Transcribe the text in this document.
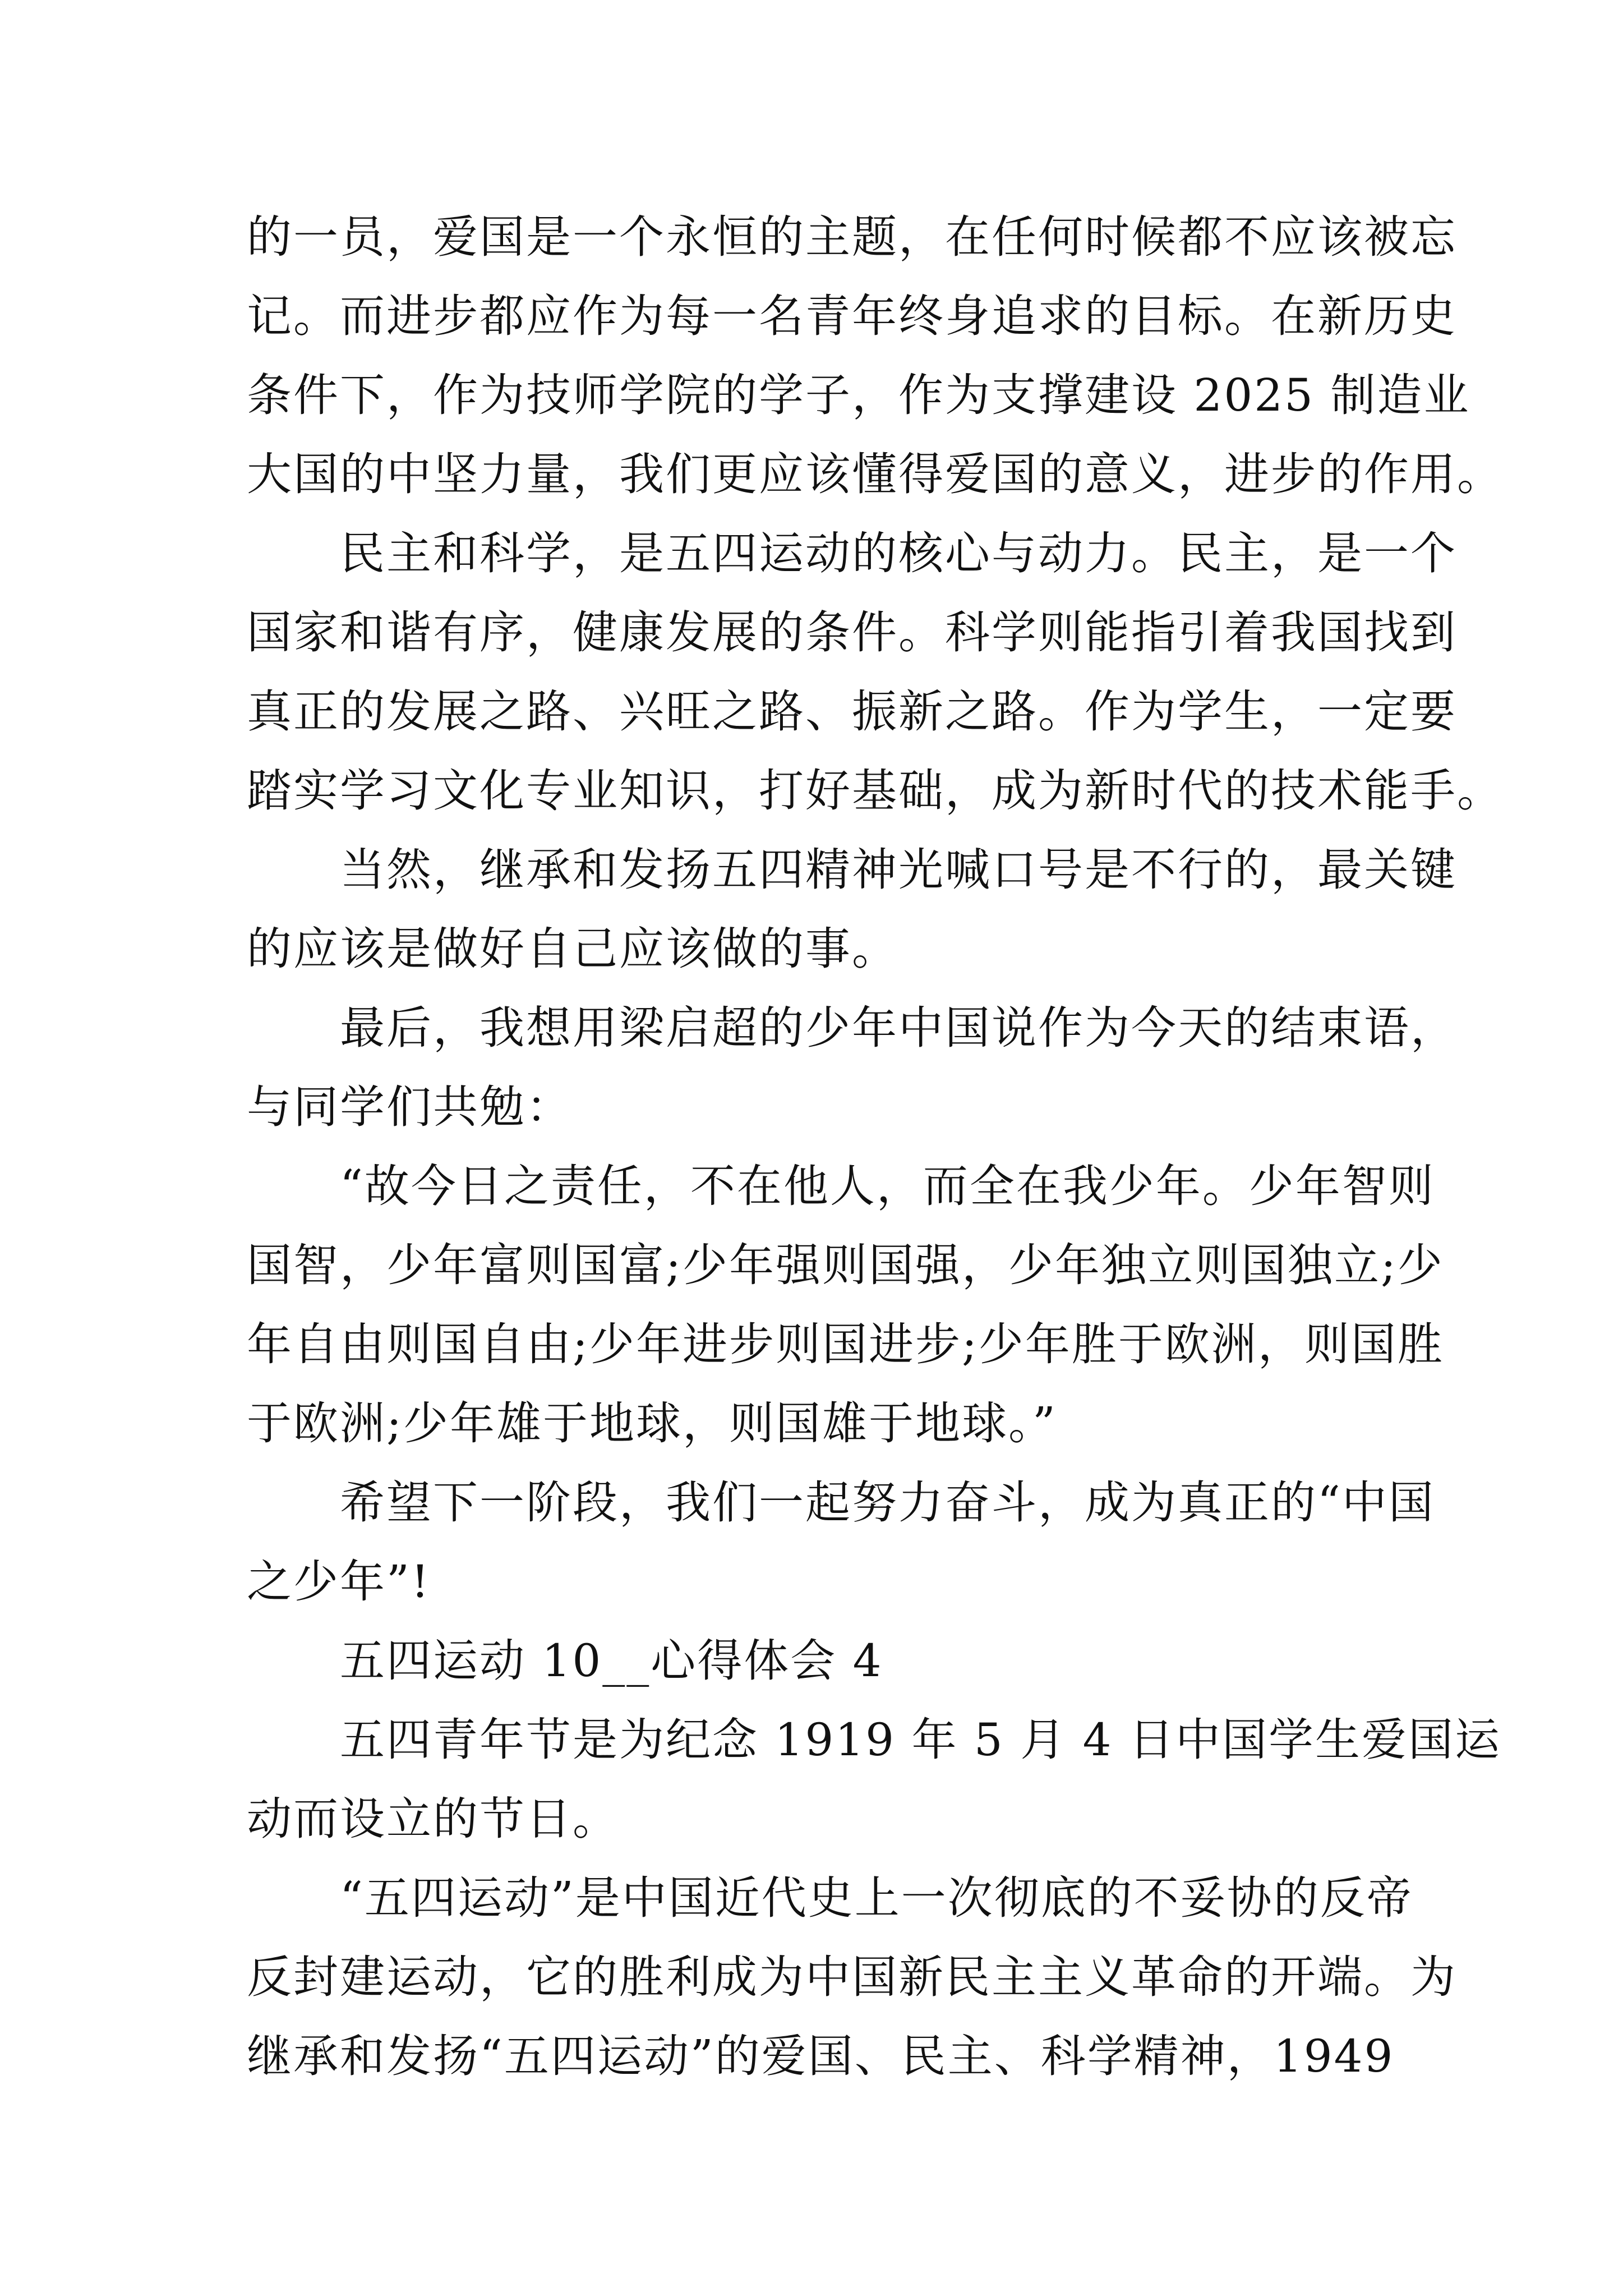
的一员，爱国是一个永恒的主题，在任何时候都不应该被忘
记。而进步都应作为每一名青年终身追求的目标。在新历史
条件下，作为技师学院的学子，作为支撑建设 2025 制造业
大国的中坚力量，我们更应该懂得爱国的意义，进步的作用。
民主和科学，是五四运动的核心与动力。民主，是一个
国家和谐有序，健康发展的条件。科学则能指引着我国找到
真正的发展之路、兴旺之路、振新之路。作为学生，一定要
踏实学习文化专业知识，打好基础，成为新时代的技术能手。
当然，继承和发扬五四精神光喊口号是不行的，最关键
的应该是做好自己应该做的事。
最后，我想用梁启超的少年中国说作为今天的结束语，
与同学们共勉：
“故今日之责任，不在他人，而全在我少年。少年智则
国智，少年富则国富;少年强则国强，少年独立则国独立;少
年自由则国自由;少年进步则国进步;少年胜于欧洲，则国胜
于欧洲;少年雄于地球，则国雄于地球。”
希望下一阶段，我们一起努力奋斗，成为真正的“中国
之少年”!
五四运动 10__心得体会 4
五四青年节是为纪念 1919 年 5 月 4 日中国学生爱国运
动而设立的节日。
“五四运动”是中国近代史上一次彻底的不妥协的反帝
反封建运动，它的胜利成为中国新民主主义革命的开端。为
继承和发扬“五四运动”的爱国、民主、科学精神，1949
